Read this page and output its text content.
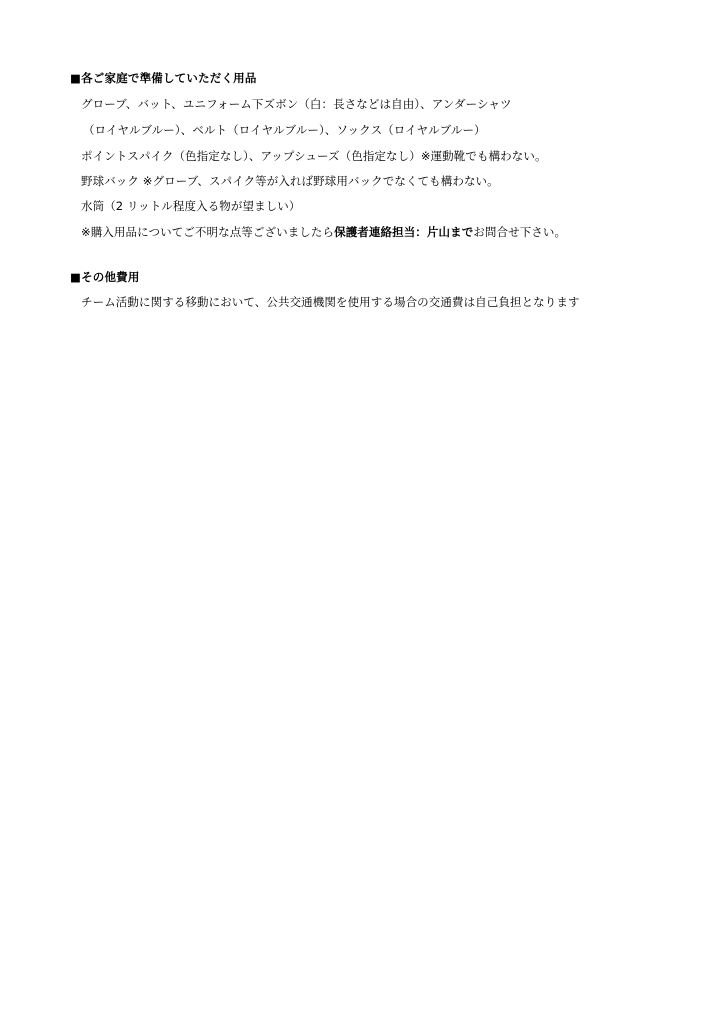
■各ご家庭で準備していただく用品
グローブ、バット、ユニフォーム下ズボン（白：長さなどは自由）、アンダーシャツ
（ロイヤルブルー）、ベルト（ロイヤルブルー）、ソックス（ロイヤルブルー）
ポイントスパイク（色指定なし）、アップシューズ（色指定なし）※運動靴でも構わない。
野球バック ※グローブ、スパイク等が入れば野球用バックでなくても構わない。
水筒（2 リットル程度入る物が望ましい）
※購入用品についてご不明な点等ございましたら保護者連絡担当：片山までお問合せ下さい。
■その他費用
チーム活動に関する移動において、公共交通機関を使用する場合の交通費は自己負担となります
